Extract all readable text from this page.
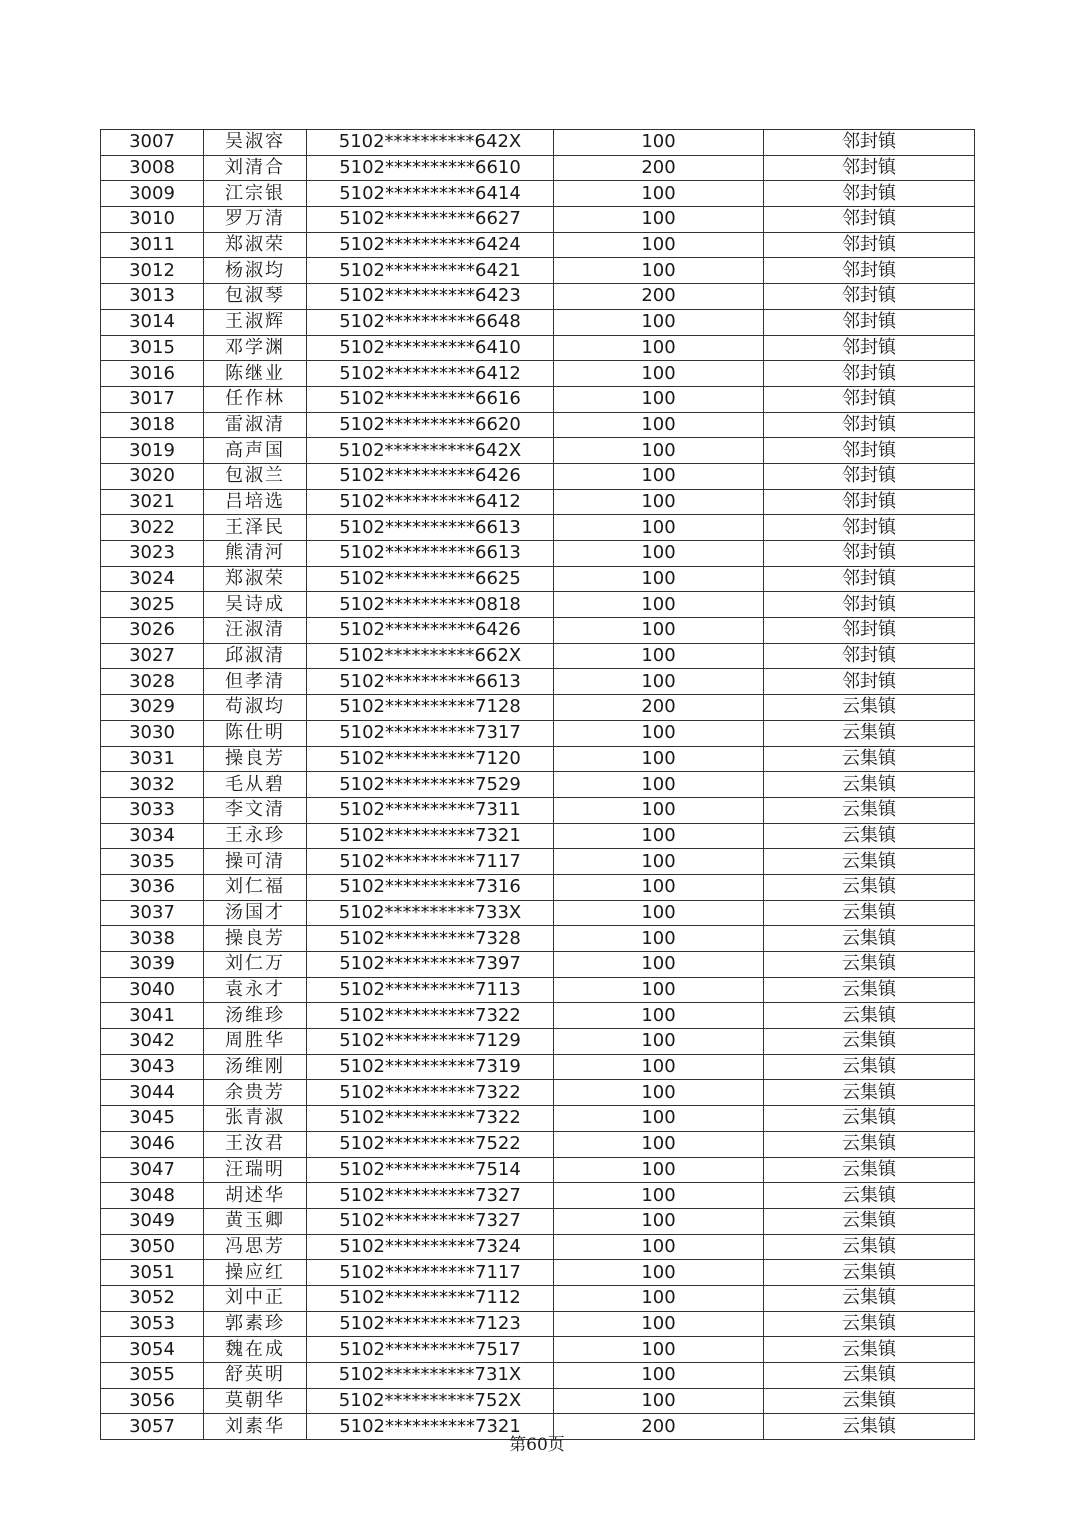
3007	吴淑容	5102**********642X	100	邻封镇
3008	刘清合	5102**********6610	200	邻封镇
3009	江宗银	5102**********6414	100	邻封镇
3010	罗万清	5102**********6627	100	邻封镇
3011	郑淑荣	5102**********6424	100	邻封镇
3012	杨淑均	5102**********6421	100	邻封镇
3013	包淑琴	5102**********6423	200	邻封镇
3014	王淑辉	5102**********6648	100	邻封镇
3015	邓学渊	5102**********6410	100	邻封镇
3016	陈继业	5102**********6412	100	邻封镇
3017	任作林	5102**********6616	100	邻封镇
3018	雷淑清	5102**********6620	100	邻封镇
3019	高声国	5102**********642X	100	邻封镇
3020	包淑兰	5102**********6426	100	邻封镇
3021	吕培选	5102**********6412	100	邻封镇
3022	王泽民	5102**********6613	100	邻封镇
3023	熊清河	5102**********6613	100	邻封镇
3024	郑淑荣	5102**********6625	100	邻封镇
3025	吴诗成	5102**********0818	100	邻封镇
3026	汪淑清	5102**********6426	100	邻封镇
3027	邱淑清	5102**********662X	100	邻封镇
3028	但孝清	5102**********6613	100	邻封镇
3029	苟淑均	5102**********7128	200	云集镇
3030	陈仕明	5102**********7317	100	云集镇
3031	操良芳	5102**********7120	100	云集镇
3032	毛从碧	5102**********7529	100	云集镇
3033	李文清	5102**********7311	100	云集镇
3034	王永珍	5102**********7321	100	云集镇
3035	操可清	5102**********7117	100	云集镇
3036	刘仁福	5102**********7316	100	云集镇
3037	汤国才	5102**********733X	100	云集镇
3038	操良芳	5102**********7328	100	云集镇
3039	刘仁万	5102**********7397	100	云集镇
3040	袁永才	5102**********7113	100	云集镇
3041	汤维珍	5102**********7322	100	云集镇
3042	周胜华	5102**********7129	100	云集镇
3043	汤维刚	5102**********7319	100	云集镇
3044	余贵芳	5102**********7322	100	云集镇
3045	张青淑	5102**********7322	100	云集镇
3046	王汝君	5102**********7522	100	云集镇
3047	汪瑞明	5102**********7514	100	云集镇
3048	胡述华	5102**********7327	100	云集镇
3049	黄玉卿	5102**********7327	100	云集镇
3050	冯思芳	5102**********7324	100	云集镇
3051	操应红	5102**********7117	100	云集镇
3052	刘中正	5102**********7112	100	云集镇
3053	郭素珍	5102**********7123	100	云集镇
3054	魏在成	5102**********7517	100	云集镇
3055	舒英明	5102**********731X	100	云集镇
3056	莫朝华	5102**********752X	100	云集镇
3057	刘素华	5102**********7321	200	云集镇
第60页
